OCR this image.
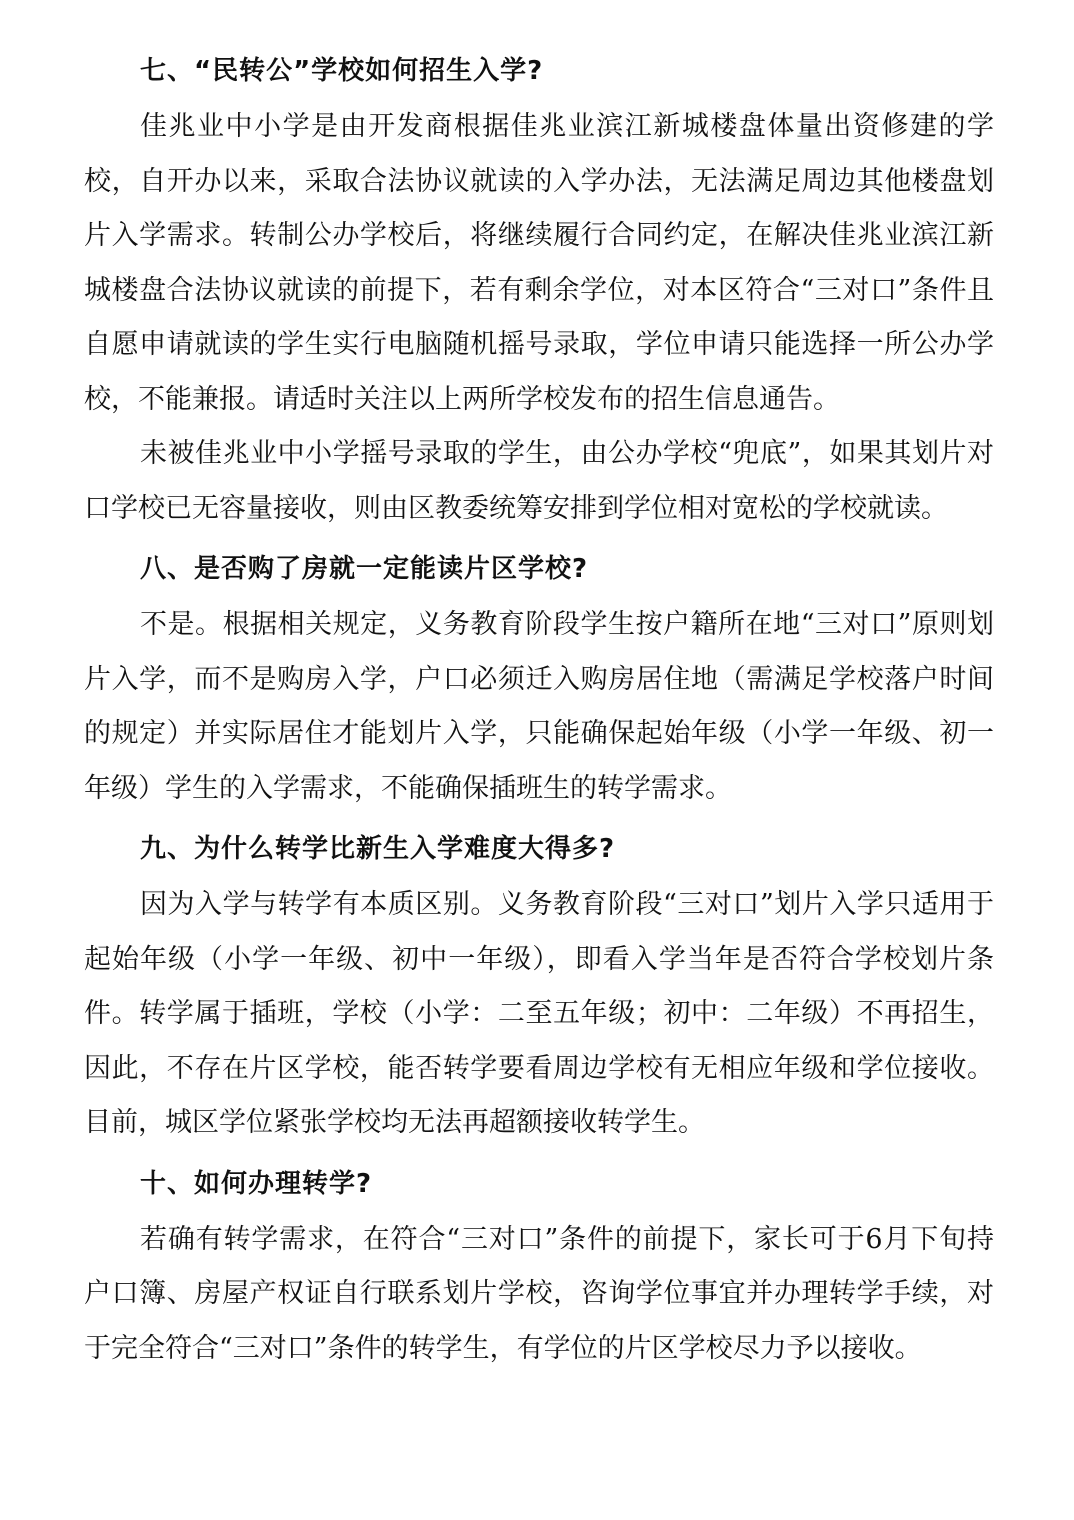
七、“民转公”学校如何招生入学?

佳兆业中小学是由开发商根据佳兆业滨江新城楼盘体量出资修建的学校，自开办以来，采取合法协议就读的入学办法，无法满足周边其他楼盘划片入学需求。转制公办学校后，将继续履行合同约定，在解决佳兆业滨江新城楼盘合法协议就读的前提下，若有剩余学位，对本区符合“三对口”条件且自愿申请就读的学生实行电脑随机摇号录取，学位申请只能选择一所公办学校，不能兼报。请适时关注以上两所学校发布的招生信息通告。

未被佳兆业中小学摇号录取的学生，由公办学校“兜底”，如果其划片对口学校已无容量接收，则由区教委统筹安排到学位相对宽松的学校就读。

八、是否购了房就一定能读片区学校?

不是。根据相关规定，义务教育阶段学生按户籍所在地“三对口”原则划片入学，而不是购房入学，户口必须迁入购房居住地（需满足学校落户时间的规定）并实际居住才能划片入学，只能确保起始年级（小学一年级、初一年级）学生的入学需求，不能确保插班生的转学需求。

九、为什么转学比新生入学难度大得多?

因为入学与转学有本质区别。义务教育阶段“三对口”划片入学只适用于起始年级（小学一年级、初中一年级），即看入学当年是否符合学校划片条件。转学属于插班，学校（小学：二至五年级；初中：二年级）不再招生，因此，不存在片区学校，能否转学要看周边学校有无相应年级和学位接收。目前，城区学位紧张学校均无法再超额接收转学生。

十、如何办理转学?

若确有转学需求，在符合“三对口”条件的前提下，家长可于6月下旬持户口簿、房屋产权证自行联系划片学校，咨询学位事宜并办理转学手续，对于完全符合“三对口”条件的转学生，有学位的片区学校尽力予以接收。
